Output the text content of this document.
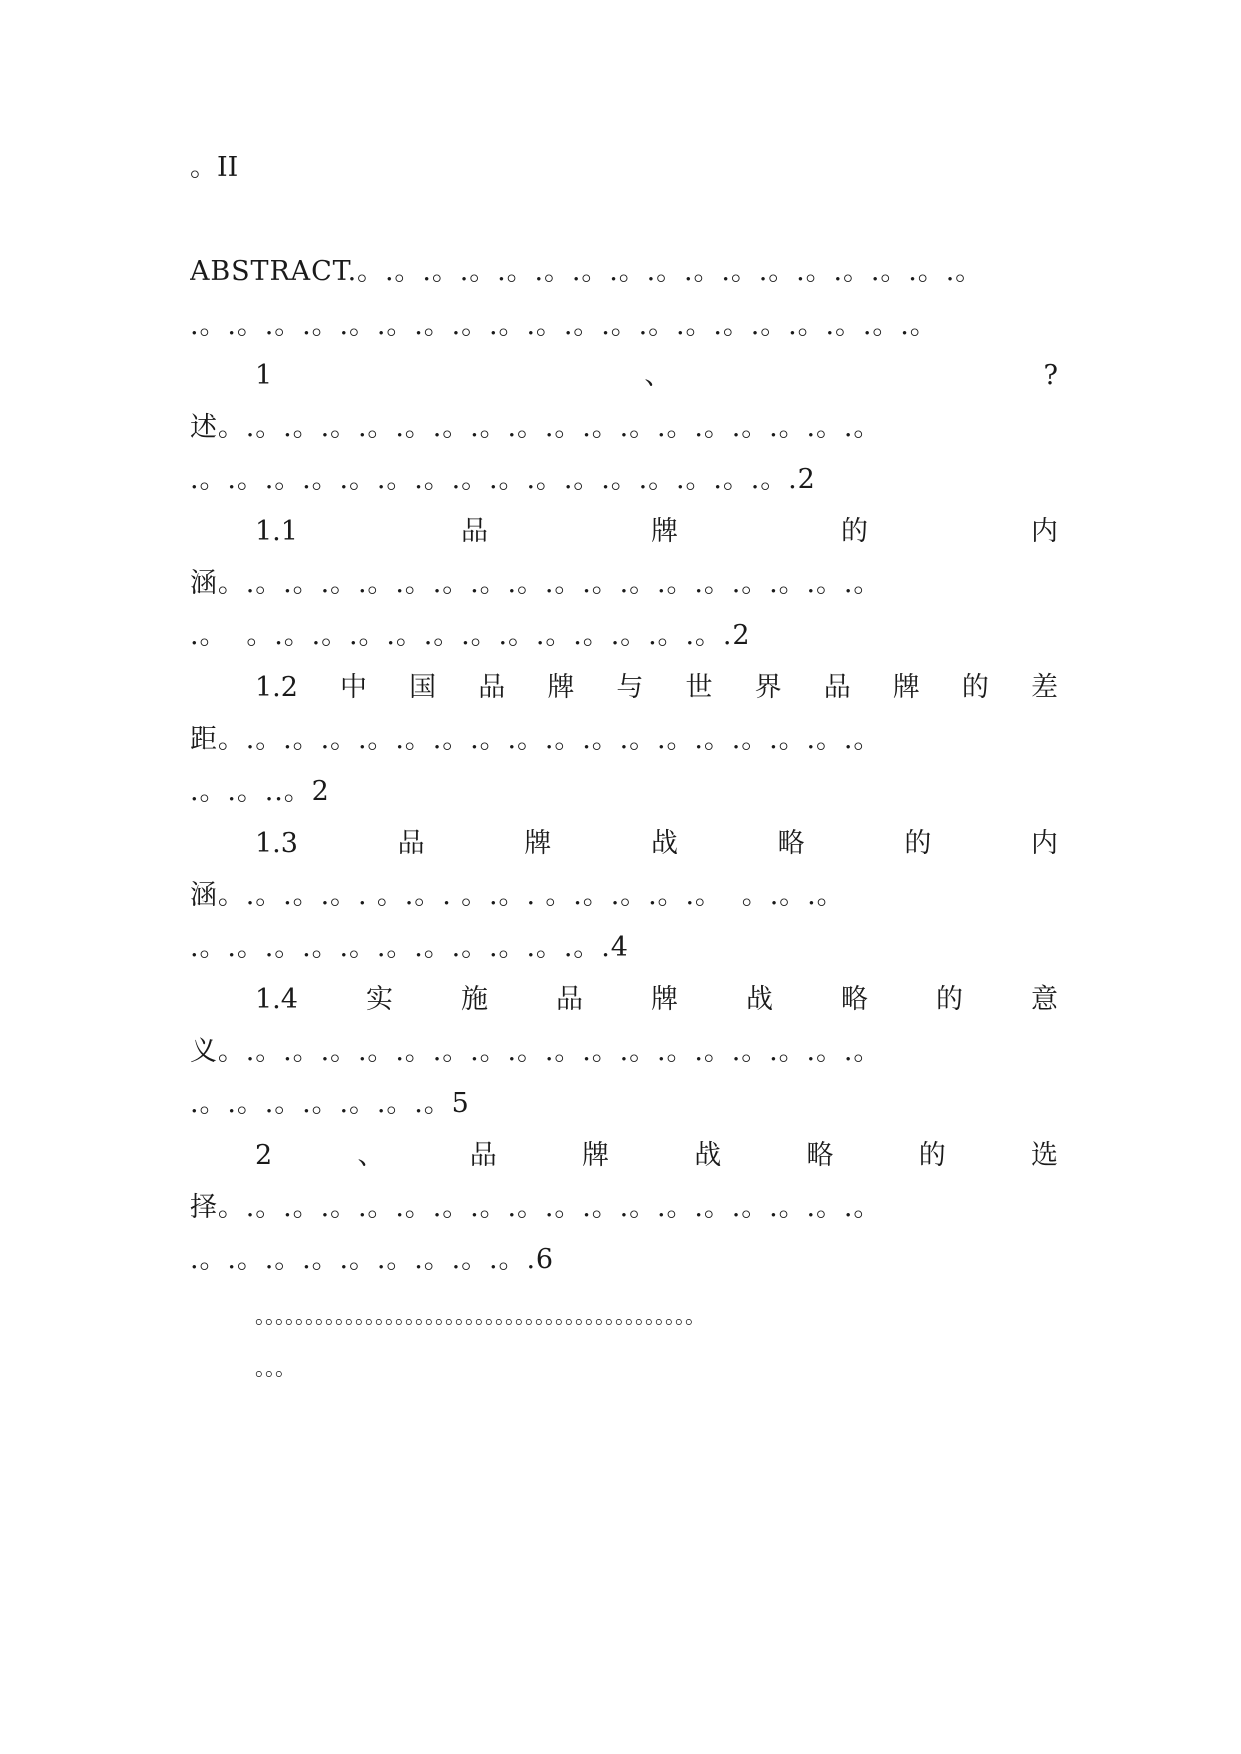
。II
ABSTRACT.。.。.。.。.。.。.。.。.。.。.。.。.。.。.。.。.。
.。.。.。.。.。.。.。.。.。.。.。.。.。.。.。.。.。.。.。.。
1	、	?
述。.。.。.。.。.。.。.。.。.。.。.。.。.。.。.。.。.。
.。.。.。.。.。.。.。.。.。.。.。.。.。.。.。.。.2
1.1	品	牌	的	内
涵。.。.。.。.。.。.。.。.。.。.。.。.。.。.。.。.。.。
.。  。.。.。.。.。.。.。.。.。.。.。.。.。.2
1.2 中 国 品 牌 与 世 界 品 牌 的 差
距。.。.。.。.。.。.。.。.。.。.。.。.。.。.。.。.。.。
.。.。..。2
1.3	品	牌	战	略	的	内
涵。.。.。.。. 。.。. 。.。. 。.。.。.。.。  。.。.。
.。.。.。.。.。.。.。.。.。.。.。.4
1.4	实	施	品	牌	战	略	的	意
义。.。.。.。.。.。.。.。.。.。.。.。.。.。.。.。.。.。
.。.。.。.。.。.。.。5
2	、	品	牌	战	略	的	选
择。.。.。.。.。.。.。.。.。.。.。.。.。.。.。.。.。.。
.。.。.。.。.。.。.。.。.。.6
。。。。。。。。。。。。。。。。。。。。。。。。。。。。。。。。。。。。。。。。。。。。
。。。
